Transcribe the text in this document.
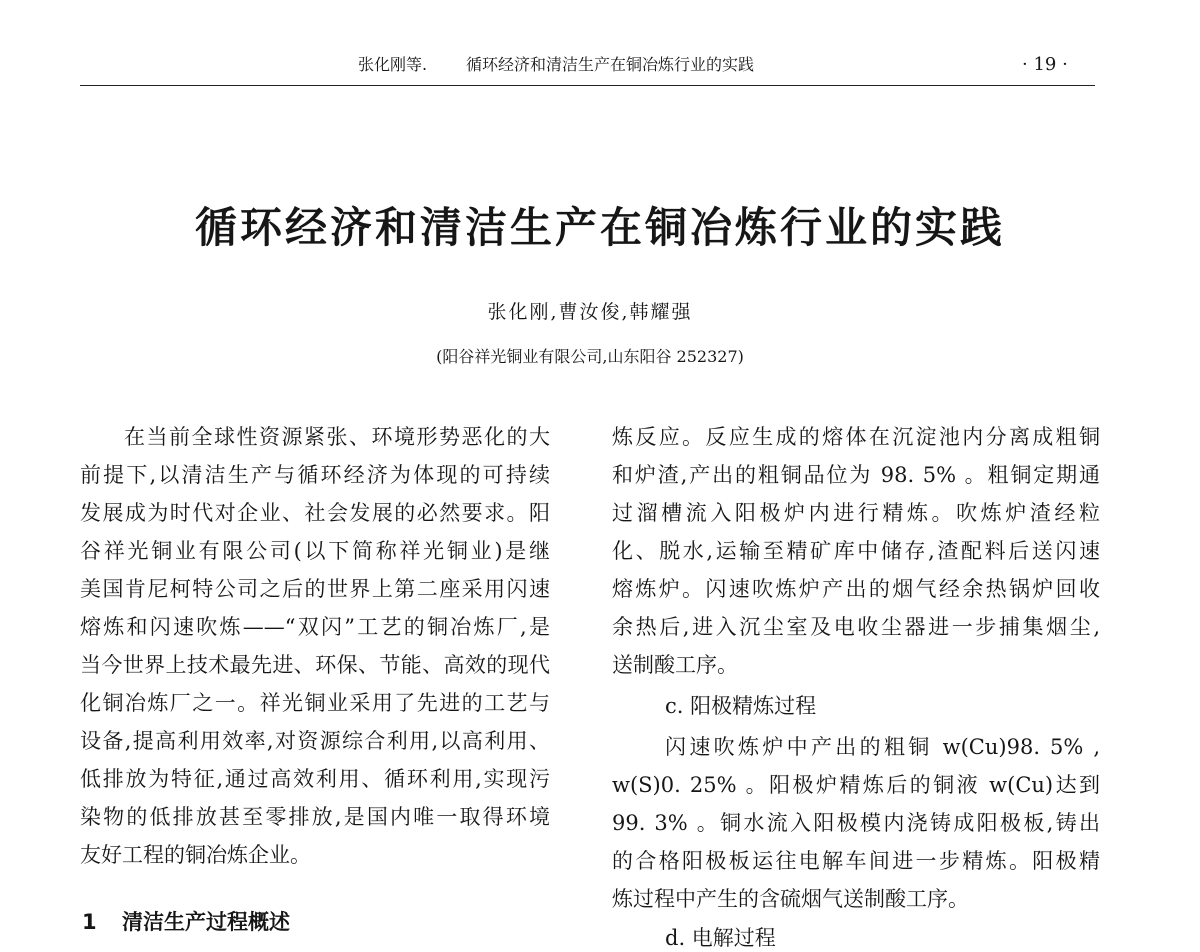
张化刚等. 循环经济和清洁生产在铜冶炼行业的实践	· 19 ·
循环经济和清洁生产在铜冶炼行业的实践
张化刚,曹汝俊,韩耀强
(阳谷祥光铜业有限公司,山东阳谷 252327)
在当前全球性资源紧张、环境形势恶化的大
前提下,以清洁生产与循环经济为体现的可持续
发展成为时代对企业、社会发展的必然要求。阳
谷祥光铜业有限公司(以下简称祥光铜业)是继
美国肯尼柯特公司之后的世界上第二座采用闪速
熔炼和闪速吹炼——“双闪”工艺的铜冶炼厂,是
当今世界上技术最先进、环保、节能、高效的现代
化铜冶炼厂之一。祥光铜业采用了先进的工艺与
设备,提高利用效率,对资源综合利用,以高利用、
低排放为特征,通过高效利用、循环利用,实现污
染物的低排放甚至零排放,是国内唯一取得环境
友好工程的铜冶炼企业。
1 清洁生产过程概述
炼反应。反应生成的熔体在沉淀池内分离成粗铜
和炉渣,产出的粗铜品位为 98. 5% 。粗铜定期通
过溜槽流入阳极炉内进行精炼。吹炼炉渣经粒
化、脱水,运输至精矿库中储存,渣配料后送闪速
熔炼炉。闪速吹炼炉产出的烟气经余热锅炉回收
余热后,进入沉尘室及电收尘器进一步捕集烟尘,
送制酸工序。
c. 阳极精炼过程
闪速吹炼炉中产出的粗铜 w(Cu)98. 5% ,
w(S)0. 25% 。阳极炉精炼后的铜液 w(Cu)达到
99. 3% 。铜水流入阳极模内浇铸成阳极板,铸出
的合格阳极板运往电解车间进一步精炼。阳极精
炼过程中产生的含硫烟气送制酸工序。
d. 电解过程
